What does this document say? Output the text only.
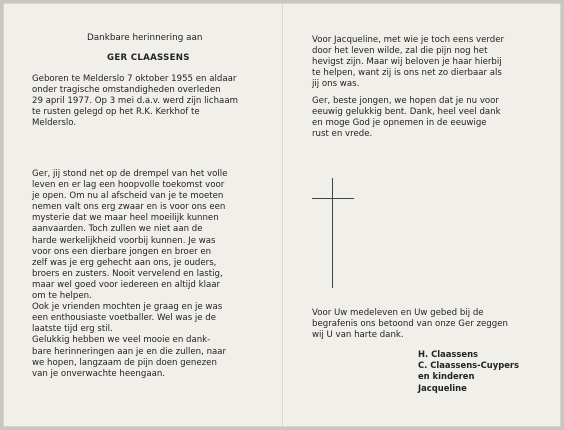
Dankbare herinnering aan

GER CLAASSENS

Geboren te Melderslo 7 oktober 1955 en aldaar
onder tragische omstandigheden overleden
29 april 1977. Op 3 mei d.a.v. werd zijn lichaam
te rusten gelegd op het R.K. Kerkhof te
Melderslo.

Ger, jij stond net op de drempel van het volle
leven en er lag een hoopvolle toekomst voor
je open. Om nu al afscheid van je te moeten
nemen valt ons erg zwaar en is voor ons een
mysterie dat we maar heel moeilijk kunnen
aanvaarden. Toch zullen we niet aan de
harde werkelijkheid voorbij kunnen. Je was
voor ons een dierbare jongen en broer en
zelf was je erg gehecht aan ons, je ouders,
broers en zusters. Nooit vervelend en lastig,
maar wel goed voor iedereen en altijd klaar
om te helpen.
Ook je vrienden mochten je graag en je was
een enthousiaste voetballer. Wel was je de
laatste tijd erg stil.
Gelukkig hebben we veel mooie en dank-
bare herinneringen aan je en die zullen, naar
we hopen, langzaam de pijn doen genezen
van je onverwachte heengaan.

Voor Jacqueline, met wie je toch eens verder
door het leven wilde, zal die pijn nog het
hevigst zijn. Maar wij beloven je haar hierbij
te helpen, want zij is ons net zo dierbaar als
jij ons was.

Ger, beste jongen, we hopen dat je nu voor
eeuwig gelukkig bent. Dank, heel veel dank
en moge God je opnemen in de eeuwige
rust en vrede.

Voor Uw medeleven en Uw gebed bij de
begrafenis ons betoond van onze Ger zeggen
wij U van harte dank.

H. Claassens
C. Claassens-Cuypers
en kinderen
Jacqueline
